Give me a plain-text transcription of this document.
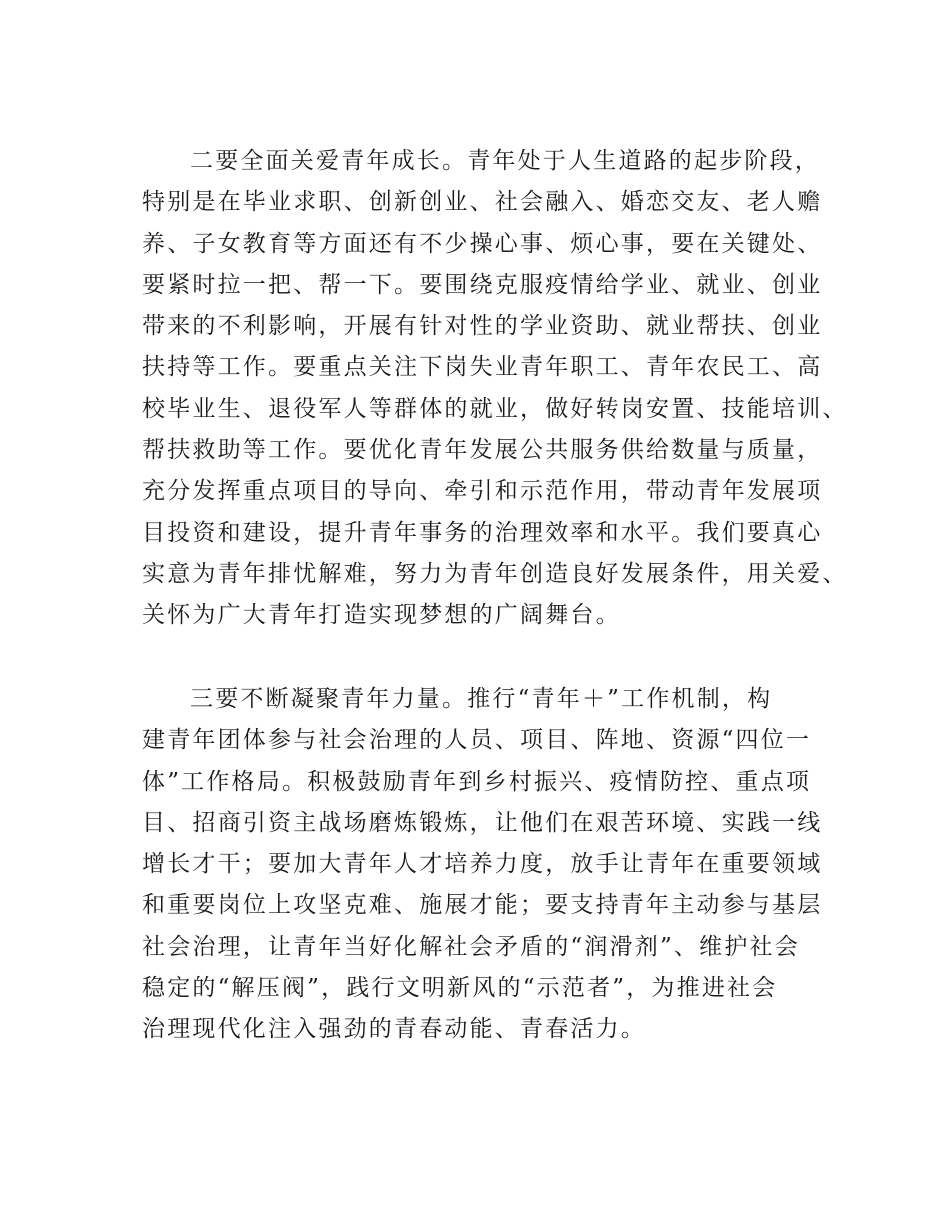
二要全面关爱青年成长。青年处于人生道路的起步阶段，
特别是在毕业求职、创新创业、社会融入、婚恋交友、老人赡
养、子女教育等方面还有不少操心事、烦心事，要在关键处、
要紧时拉一把、帮一下。要围绕克服疫情给学业、就业、创业
带来的不利影响，开展有针对性的学业资助、就业帮扶、创业
扶持等工作。要重点关注下岗失业青年职工、青年农民工、高
校毕业生、退役军人等群体的就业，做好转岗安置、技能培训、
帮扶救助等工作。要优化青年发展公共服务供给数量与质量，
充分发挥重点项目的导向、牵引和示范作用，带动青年发展项
目投资和建设，提升青年事务的治理效率和水平。我们要真心
实意为青年排忧解难，努力为青年创造良好发展条件，用关爱、
关怀为广大青年打造实现梦想的广阔舞台。
三要不断凝聚青年力量。推行“青年＋”工作机制，构
建青年团体参与社会治理的人员、项目、阵地、资源“四位一
体”工作格局。积极鼓励青年到乡村振兴、疫情防控、重点项
目、招商引资主战场磨炼锻炼，让他们在艰苦环境、实践一线
增长才干；要加大青年人才培养力度，放手让青年在重要领域
和重要岗位上攻坚克难、施展才能；要支持青年主动参与基层
社会治理，让青年当好化解社会矛盾的“润滑剂”、维护社会
稳定的“解压阀”，践行文明新风的“示范者”，为推进社会
治理现代化注入强劲的青春动能、青春活力。
